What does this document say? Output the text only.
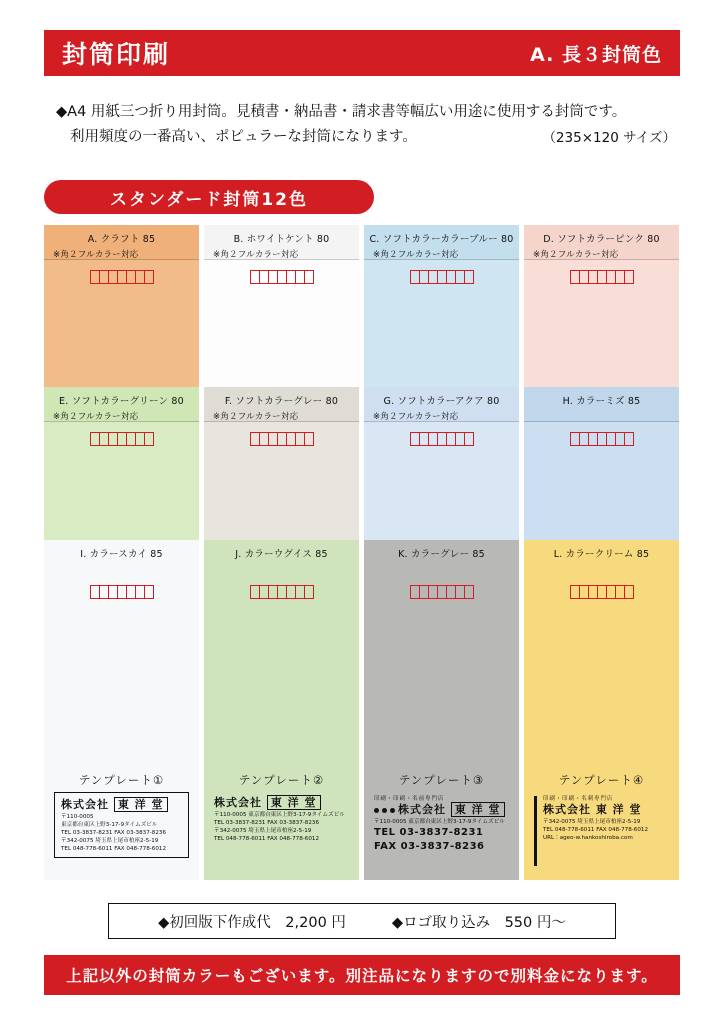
封筒印刷	A. 長３封筒色
◆A4 用紙三つ折り用封筒。見積書・納品書・請求書等幅広い用途に使用する封筒です。
利用頻度の一番高い、ポピュラーな封筒になります。	（235×120 サイズ）
スタンダード封筒12色
A. クラフト 85
※角２フルカラー対応
B. ホワイトケント 80
※角２フルカラー対応
C. ソフトカラーカラーブルー 80
※角２フルカラー対応
D. ソフトカラーピンク 80
※角２フルカラー対応
E. ソフトカラーグリーン 80
※角２フルカラー対応
F. ソフトカラーグレー 80
※角２フルカラー対応
G. ソフトカラーアクア 80
※角２フルカラー対応
H. カラーミズ 85
I. カラースカイ 85
テンプレート①
株式会社 東 洋 堂
〒110-0005
東京都台東区上野3-17-9タイムズビル
TEL 03-3837-8231 FAX 03-3837-8236
〒342-0075 埼玉県上尾市柏座2-5-19
TEL 048-778-6011 FAX 048-778-6012
J. カラーウグイス 85
テンプレート②
株式会社 東 洋 堂
〒110-0005 東京都台東区上野3-17-9タイムズビル
TEL 03-3837-8231 FAX 03-3837-8236
〒342-0075 埼玉県上尾市柏座2-5-19
TEL 048-778-6011 FAX 048-778-6012
K. カラーグレー 85
テンプレート③
印刷・印刷・名前専門店
株式会社 東 洋 堂
〒110-0005 東京都台東区上野3-17-9タイムズビル
TEL 03-3837-8231
FAX 03-3837-8236
L. カラークリーム 85
テンプレート④
印刷・印刷・名刺専門店
株式会社 東 洋 堂
〒342-0075 埼玉県上尾市柏座2-5-19
TEL 048-778-6011 FAX 048-778-6012
URL：ageo-w.hankoshiroba.com
◆初回版下作成代　2,200 円	◆ロゴ取り込み　550 円～
上記以外の封筒カラーもございます。別注品になりますので別料金になります。
